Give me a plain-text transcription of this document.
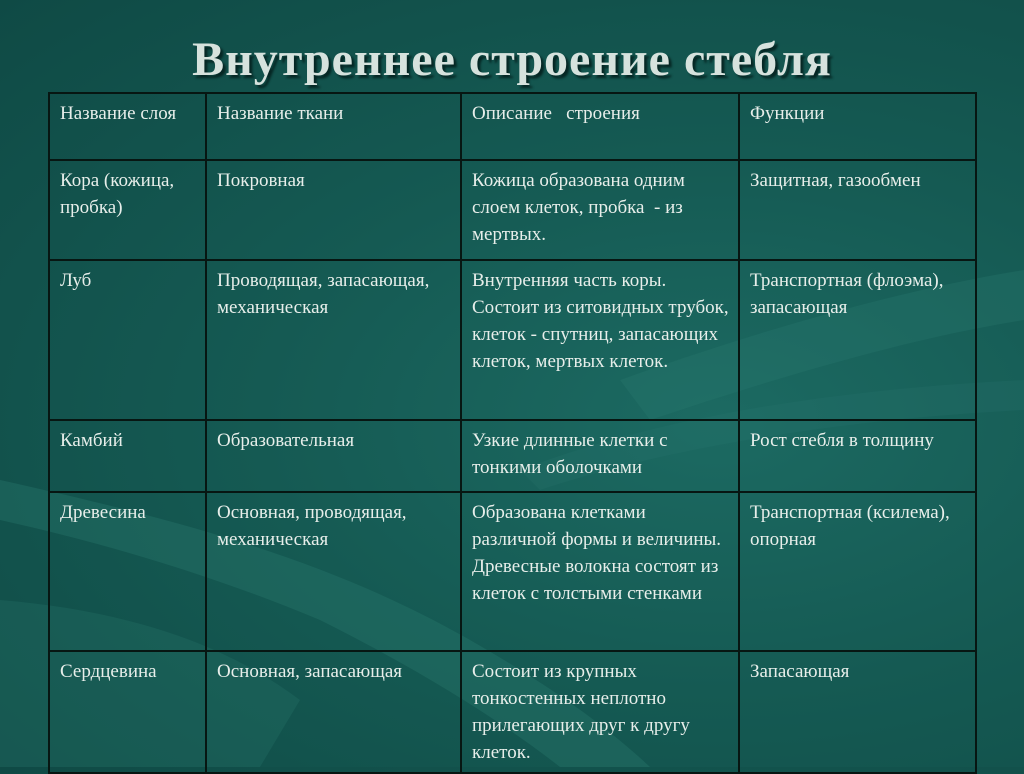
Внутреннее строение стебля
Название слоя	Название ткани	Описание   строения	Функции
Кора (кожица, пробка)	Покровная	Кожица образована одним слоем клеток, пробка  - из мертвых.	Защитная, газообмен
Луб	Проводящая, запасающая, механическая	Внутренняя часть коры. Состоит из ситовидных трубок, клеток - спутниц, запасающих клеток, мертвых клеток.	Транспортная (флоэма), запасающая
Камбий	Образовательная	Узкие длинные клетки с тонкими оболочками	Рост стебля в толщину
Древесина	Основная, проводящая, механическая	Образована клетками различной формы и величины. Древесные волокна состоят из клеток с толстыми стенками	Транспортная (ксилема), опорная
Сердцевина	Основная, запасающая	Состоит из крупных тонкостенных неплотно прилегающих друг к другу клеток.	Запасающая
